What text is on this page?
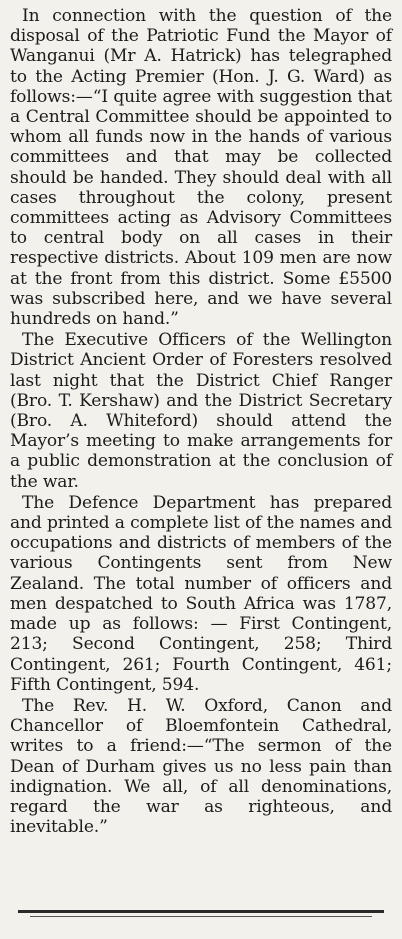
In connection with the question of the disposal of the Patriotic Fund the Mayor of Wanganui (Mr A. Hatrick) has telegraphed to the Acting Premier (Hon. J. G. Ward) as follows:—“I quite agree with suggestion that a Central Committee should be appointed to whom all funds now in the hands of various committees and that may be collected should be handed. They should deal with all cases throughout the colony, present committees acting as Advisory Committees to central body on all cases in their respective districts. About 109 men are now at the front from this district. Some £5500 was subscribed here, and we have several hundreds on hand.”

The Executive Officers of the Wellington District Ancient Order of Foresters resolved last night that the District Chief Ranger (Bro. T. Kershaw) and the District Secretary (Bro. A. Whiteford) should attend the Mayor’s meeting to make arrangements for a public demonstration at the conclusion of the war.

The Defence Department has prepared and printed a complete list of the names and occupations and districts of members of the various Contingents sent from New Zealand. The total number of officers and men despatched to South Africa was 1787, made up as follows: — First Contingent, 213; Second Contingent, 258; Third Contingent, 261; Fourth Contingent, 461; Fifth Contingent, 594.

The Rev. H. W. Oxford, Canon and Chancellor of Bloemfontein Cathedral, writes to a friend:—“The sermon of the Dean of Durham gives us no less pain than indignation. We all, of all denominations, regard the war as righteous, and inevitable.”
